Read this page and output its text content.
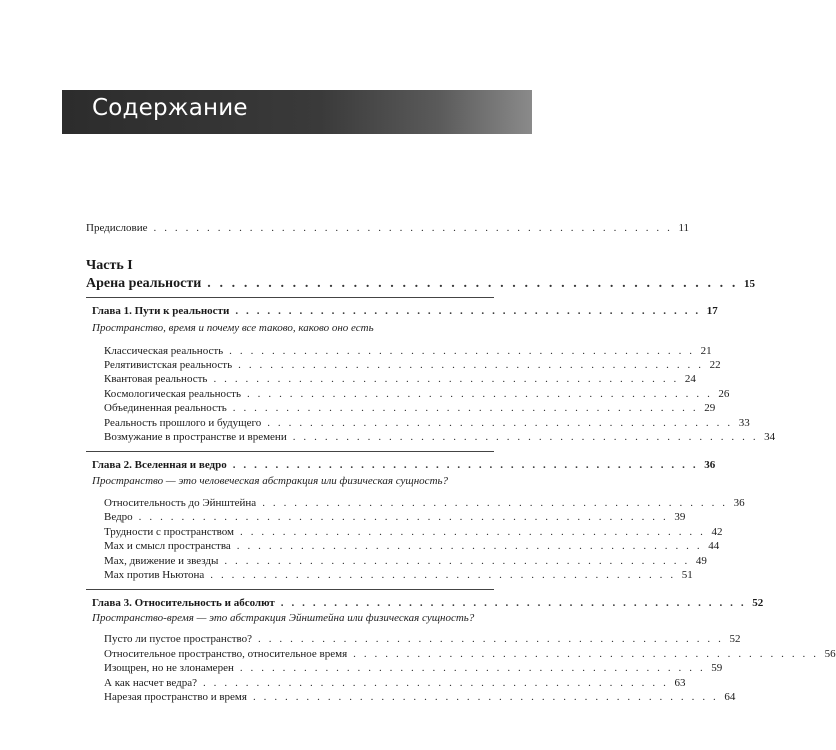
Содержание
Предисловие . . . . . . . . . . . . . . . . . . . . . . . . . . . . . . . . . . . . . . . . . . . . . . . . . 11
Часть I
Арена реальности . . . . . . . . . . . . . . . . . . . . . . . . . . . . . . . . . . . . . . . . . . . . 15
Глава 1. Пути к реальности . . . . . . . . . . . . . . . . . . . . . . . . . . . . . . . . . . . . . . . . . . . . 17
Пространство, время и почему все таково, каково оно есть
Классическая реальность . . . . . . . . . . . . . . . . . . . . . . . . . . . . . . . . . . . . . . . . . . . . 21
Релятивистская реальность . . . . . . . . . . . . . . . . . . . . . . . . . . . . . . . . . . . . . . . . . . . . 22
Квантовая реальность . . . . . . . . . . . . . . . . . . . . . . . . . . . . . . . . . . . . . . . . . . . . 24
Космологическая реальность . . . . . . . . . . . . . . . . . . . . . . . . . . . . . . . . . . . . . . . . . . . . 26
Объединенная реальность . . . . . . . . . . . . . . . . . . . . . . . . . . . . . . . . . . . . . . . . . . . . 29
Реальность прошлого и будущего . . . . . . . . . . . . . . . . . . . . . . . . . . . . . . . . . . . . . . . . . . . . 33
Возмужание в пространстве и времени . . . . . . . . . . . . . . . . . . . . . . . . . . . . . . . . . . . . . . . . . . . . 34
Глава 2. Вселенная и ведро . . . . . . . . . . . . . . . . . . . . . . . . . . . . . . . . . . . . . . . . . . . . 36
Пространство — это человеческая абстракция или физическая сущность?
Относительность до Эйнштейна . . . . . . . . . . . . . . . . . . . . . . . . . . . . . . . . . . . . . . . . . . . . 36
Ведро . . . . . . . . . . . . . . . . . . . . . . . . . . . . . . . . . . . . . . . . . . . . . . . . . . 39
Трудности с пространством . . . . . . . . . . . . . . . . . . . . . . . . . . . . . . . . . . . . . . . . . . . . 42
Мах и смысл пространства . . . . . . . . . . . . . . . . . . . . . . . . . . . . . . . . . . . . . . . . . . . . 44
Мах, движение и звезды . . . . . . . . . . . . . . . . . . . . . . . . . . . . . . . . . . . . . . . . . . . . 49
Мах против Ньютона . . . . . . . . . . . . . . . . . . . . . . . . . . . . . . . . . . . . . . . . . . . . 51
Глава 3. Относительность и абсолют . . . . . . . . . . . . . . . . . . . . . . . . . . . . . . . . . . . . . . . . . . . . 52
Пространство-время — это абстракция Эйнштейна или физическая сущность?
Пусто ли пустое пространство? . . . . . . . . . . . . . . . . . . . . . . . . . . . . . . . . . . . . . . . . . . . . 52
Относительное пространство, относительное время . . . . . . . . . . . . . . . . . . . . . . . . . . . . . . . . . . . . . . . . . . . . 56
Изощрен, но не злонамерен . . . . . . . . . . . . . . . . . . . . . . . . . . . . . . . . . . . . . . . . . . . . 59
А как насчет ведра? . . . . . . . . . . . . . . . . . . . . . . . . . . . . . . . . . . . . . . . . . . . . 63
Нарезая пространство и время . . . . . . . . . . . . . . . . . . . . . . . . . . . . . . . . . . . . . . . . . . . . 64
